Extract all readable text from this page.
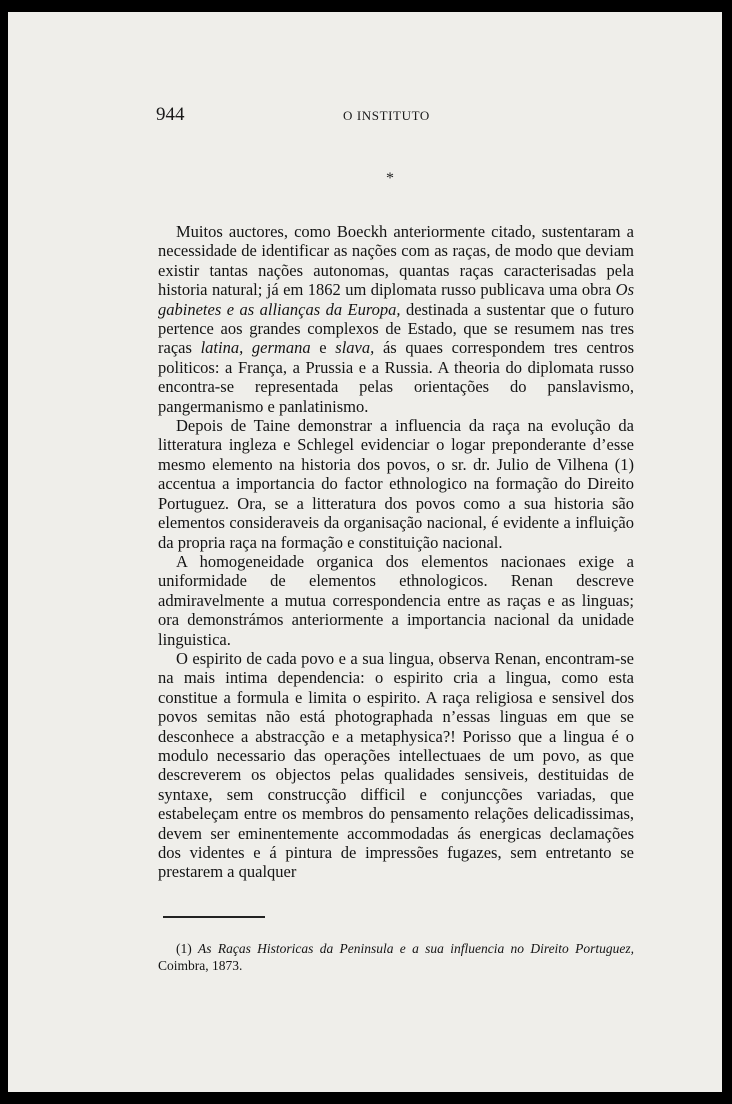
944	O INSTITUTO
*

Muitos auctores, como Boeckh anteriormente citado, sustentaram a necessidade de identificar as nações com as raças, de modo que deviam existir tantas nações autonomas, quantas raças caracterisadas pela historia natural; já em 1862 um diplomata russo publicava uma obra Os gabinetes e as allianças da Europa, destinada a sustentar que o futuro pertence aos grandes complexos de Estado, que se resumem nas tres raças latina, germana e slava, ás quaes correspondem tres centros politicos: a França, a Prussia e a Russia. A theoria do diplomata russo encontra-se representada pelas orientações do panslavismo, pangermanismo e panlatinismo.

Depois de Taine demonstrar a influencia da raça na evolução da litteratura ingleza e Schlegel evidenciar o logar preponderante d’esse mesmo elemento na historia dos povos, o sr. dr. Julio de Vilhena (1) accentua a importancia do factor ethnologico na formação do Direito Portuguez. Ora, se a litteratura dos povos como a sua historia são elementos consideraveis da organisação nacional, é evidente a influição da propria raça na formação e constituição nacional.

A homogeneidade organica dos elementos nacionaes exige a uniformidade de elementos ethnologicos. Renan descreve admiravelmente a mutua correspondencia entre as raças e as linguas; ora demonstrámos anteriormente a importancia nacional da unidade linguistica.

O espirito de cada povo e a sua lingua, observa Renan, encontram-se na mais intima dependencia: o espirito cria a lingua, como esta constitue a formula e limita o espirito. A raça religiosa e sensivel dos povos semitas não está photographada n’essas linguas em que se desconhece a abstracção e a metaphysica?! Porisso que a lingua é o modulo necessario das operações intellectuaes de um povo, as que descreverem os objectos pelas qualidades sensiveis, destituidas de syntaxe, sem construcção difficil e conjuncções variadas, que estabeleçam entre os membros do pensamento relações delicadissimas, devem ser eminentemente accommodadas ás energicas declamações dos videntes e á pintura de impressões fugazes, sem entretanto se prestarem a qualquer

(1) As Raças Historicas da Peninsula e a sua influencia no Direito Portuguez, Coimbra, 1873.
